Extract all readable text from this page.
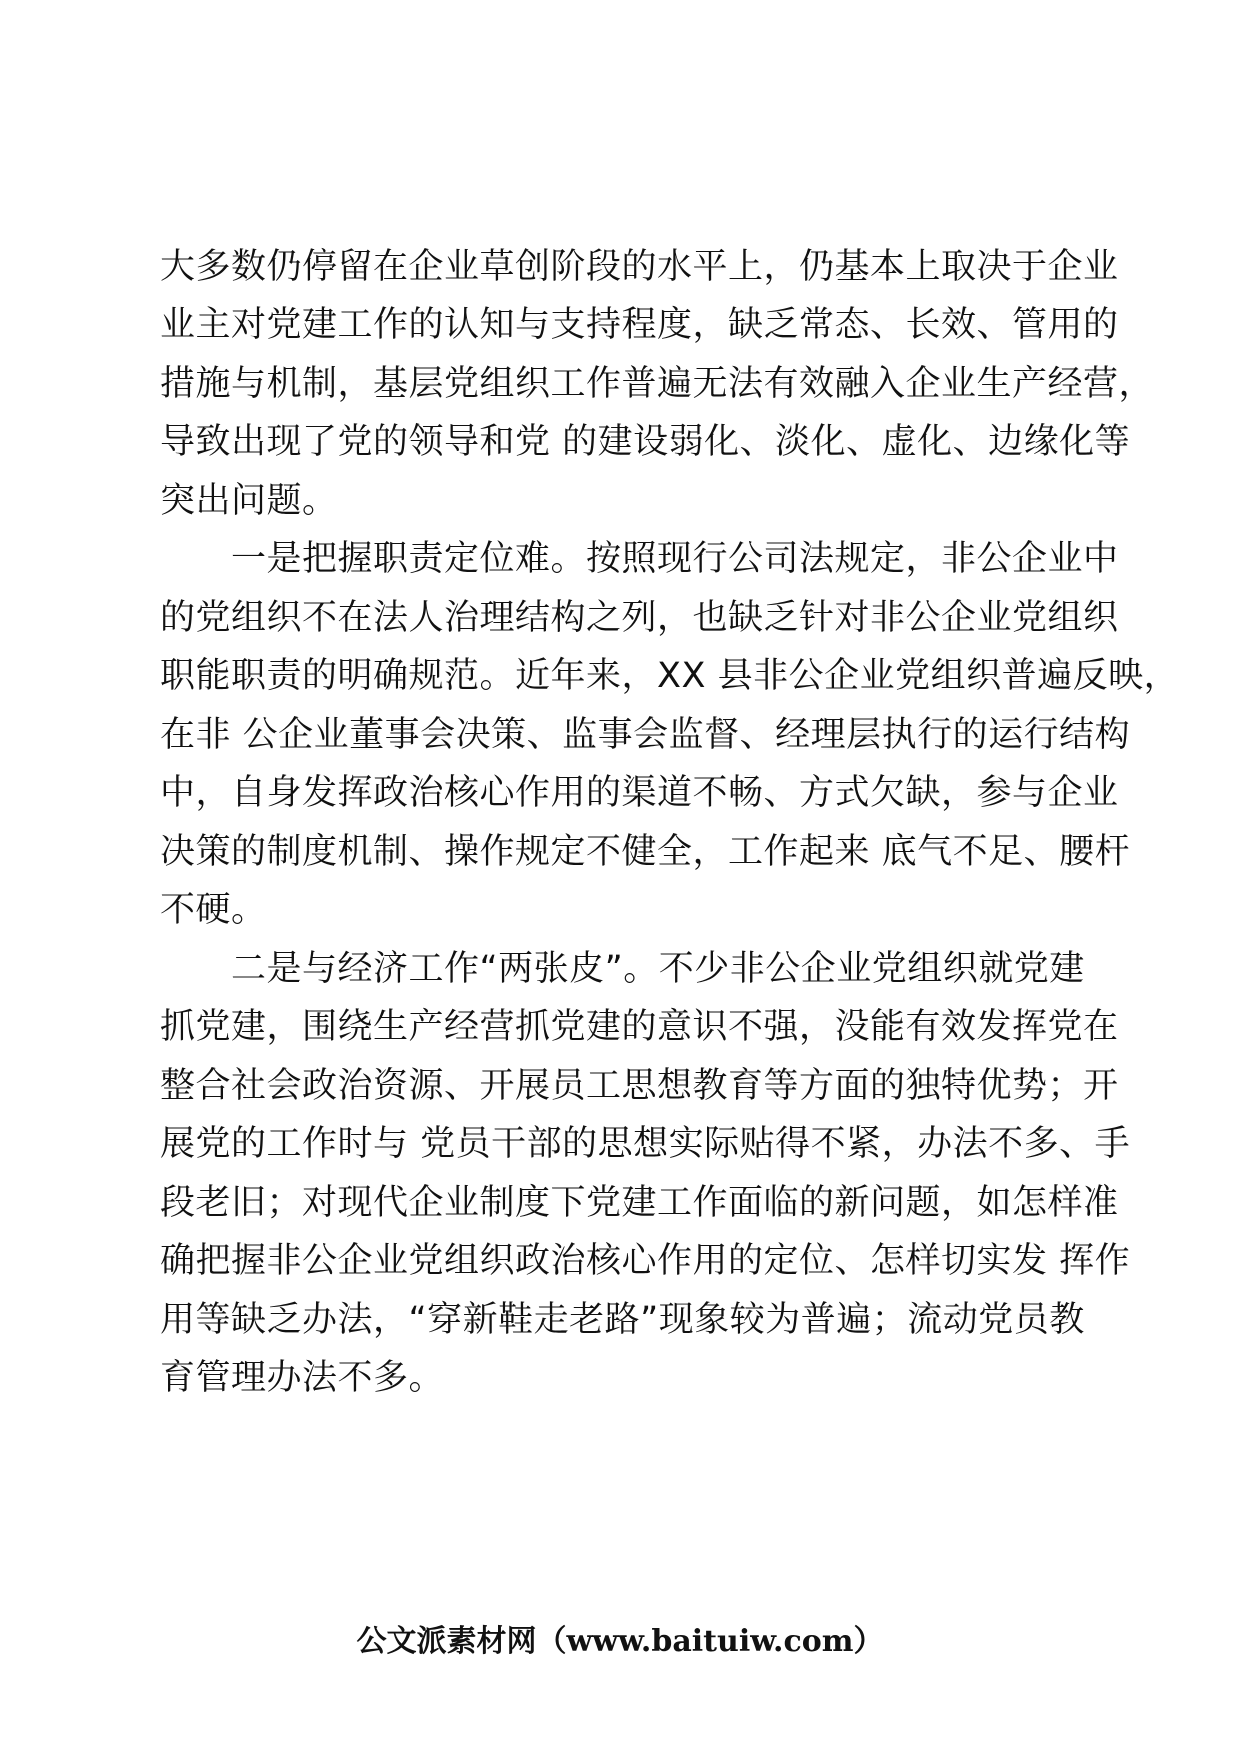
大多数仍停留在企业草创阶段的水平上，仍基本上取决于企业
业主对党建工作的认知与支持程度，缺乏常态、长效、管用的
措施与机制，基层党组织工作普遍无法有效融入企业生产经营，
导致出现了党的领导和党 的建设弱化、淡化、虚化、边缘化等
突出问题。
　　一是把握职责定位难。按照现行公司法规定，非公企业中
的党组织不在法人治理结构之列，也缺乏针对非公企业党组织
职能职责的明确规范。近年来，XX 县非公企业党组织普遍反映，
在非 公企业董事会决策、监事会监督、经理层执行的运行结构
中，自身发挥政治核心作用的渠道不畅、方式欠缺，参与企业
决策的制度机制、操作规定不健全，工作起来 底气不足、腰杆
不硬。
　　二是与经济工作“两张皮”。不少非公企业党组织就党建
抓党建，围绕生产经营抓党建的意识不强，没能有效发挥党在
整合社会政治资源、开展员工思想教育等方面的独特优势；开
展党的工作时与 党员干部的思想实际贴得不紧，办法不多、手
段老旧；对现代企业制度下党建工作面临的新问题，如怎样准
确把握非公企业党组织政治核心作用的定位、怎样切实发 挥作
用等缺乏办法，“穿新鞋走老路”现象较为普遍；流动党员教
育管理办法不多。
公文派素材网（www.baituiw.com）
